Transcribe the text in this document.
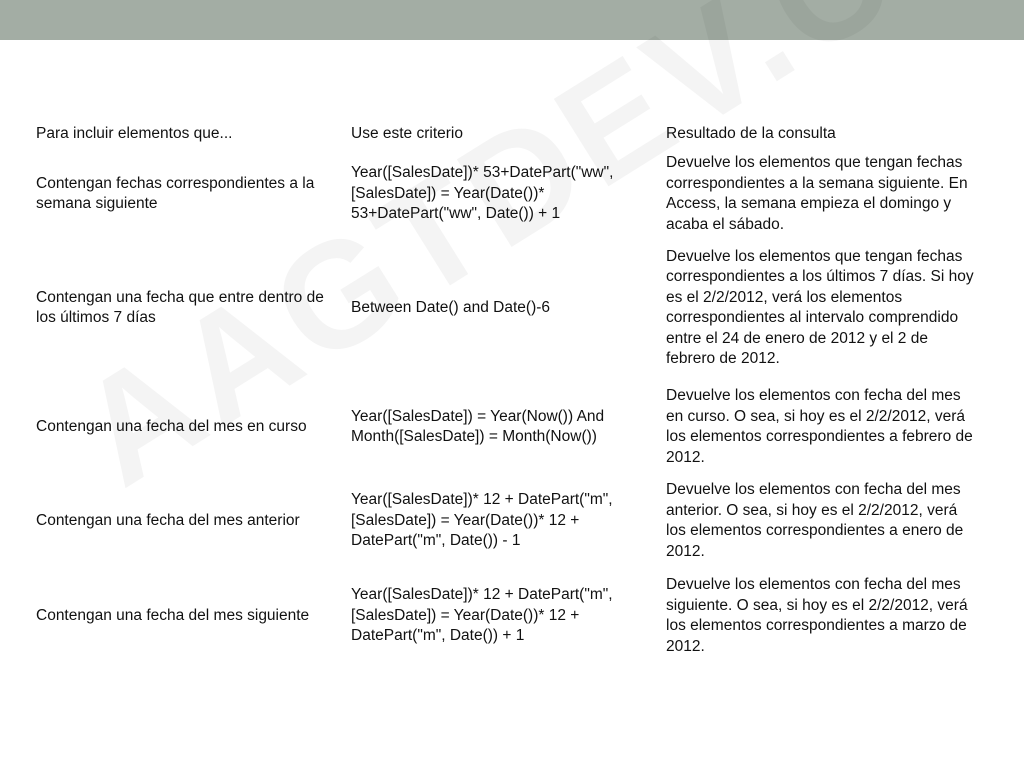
Para incluir elementos que...	Use este criterio	Resultado de la consulta
Contengan fechas correspondientes a la semana siguiente	Year([SalesDate])* 53+DatePart("ww", [SalesDate]) = Year(Date())* 53+DatePart("ww", Date()) + 1	Devuelve los elementos que tengan fechas correspondientes a la semana siguiente. En Access, la semana empieza el domingo y acaba el sábado.
Contengan una fecha que entre dentro de los últimos 7 días	Between Date() and Date()-6	Devuelve los elementos que tengan fechas correspondientes a los últimos 7 días. Si hoy es el 2/2/2012, verá los elementos correspondientes al intervalo comprendido entre el 24 de enero de 2012 y el 2 de febrero de 2012.
Contengan una fecha del mes en curso	Year([SalesDate]) = Year(Now()) And Month([SalesDate]) = Month(Now())	Devuelve los elementos con fecha del mes en curso. O sea, si hoy es el 2/2/2012, verá los elementos correspondientes a febrero de 2012.
Contengan una fecha del mes anterior	Year([SalesDate])* 12 + DatePart("m", [SalesDate]) = Year(Date())* 12 + DatePart("m", Date()) - 1	Devuelve los elementos con fecha del mes anterior. O sea, si hoy es el 2/2/2012, verá los elementos correspondientes a enero de 2012.
Contengan una fecha del mes siguiente	Year([SalesDate])* 12 + DatePart("m", [SalesDate]) = Year(Date())* 12 + DatePart("m", Date()) + 1	Devuelve los elementos con fecha del mes siguiente. O sea, si hoy es el 2/2/2012, verá los elementos correspondientes a marzo de 2012.
